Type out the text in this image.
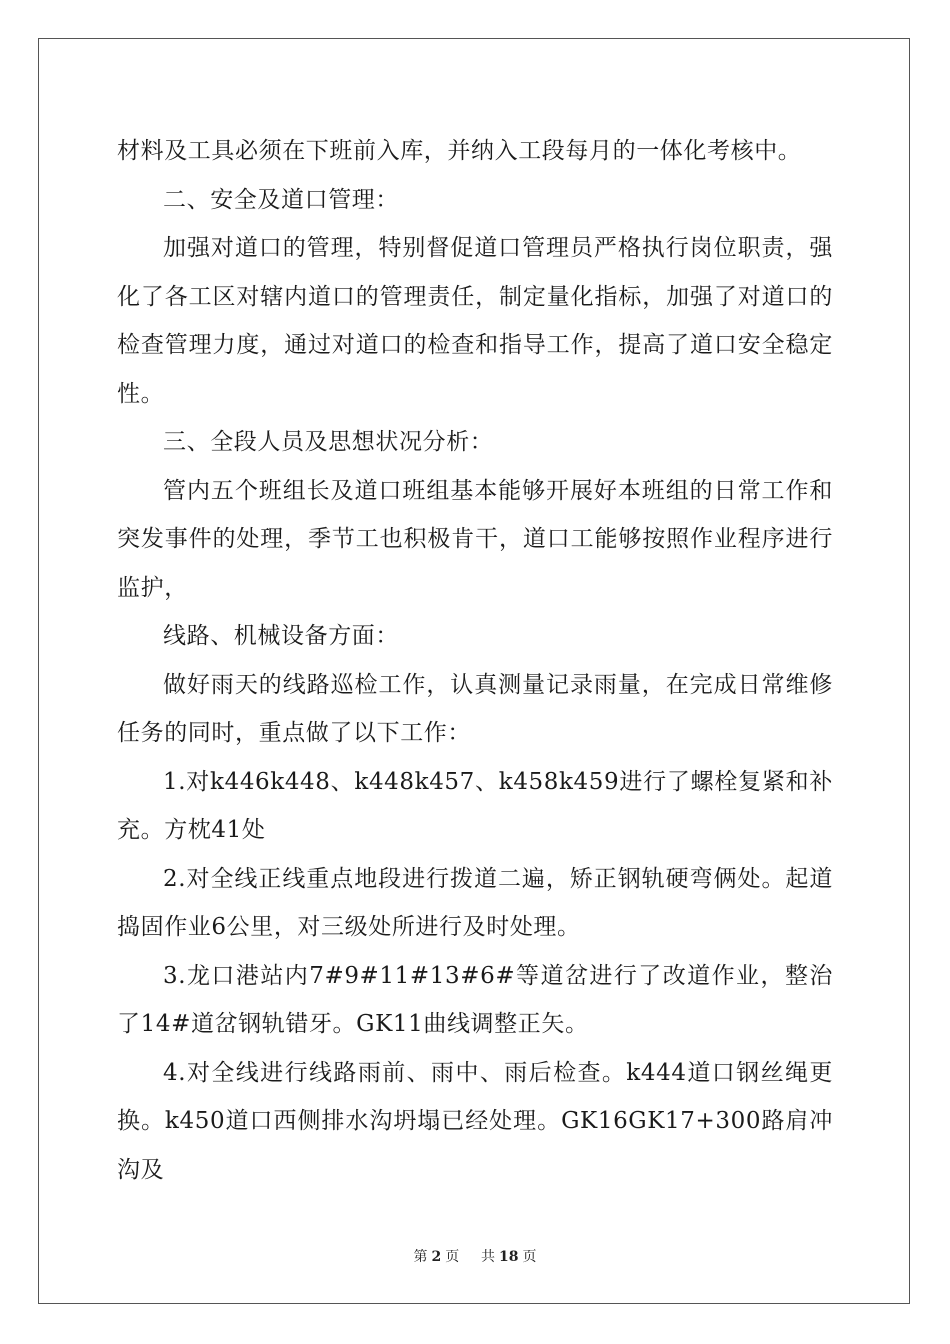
材料及工具必须在下班前入库，并纳入工段每月的一体化考核中。

二、安全及道口管理：

加强对道口的管理，特别督促道口管理员严格执行岗位职责，强化了各工区对辖内道口的管理责任，制定量化指标，加强了对道口的检查管理力度，通过对道口的检查和指导工作，提高了道口安全稳定性。

三、全段人员及思想状况分析：

管内五个班组长及道口班组基本能够开展好本班组的日常工作和突发事件的处理，季节工也积极肯干，道口工能够按照作业程序进行监护，

线路、机械设备方面：

做好雨天的线路巡检工作，认真测量记录雨量，在完成日常维修任务的同时，重点做了以下工作：

1.对k446k448、k448k457、k458k459进行了螺栓复紧和补充。方枕41处

2.对全线正线重点地段进行拨道二遍，矫正钢轨硬弯俩处。起道捣固作业6公里，对三级处所进行及时处理。

3.龙口港站内7#9#11#13#6#等道岔进行了改道作业，整治了14#道岔钢轨错牙。GK11曲线调整正矢。

4.对全线进行线路雨前、雨中、雨后检查。k444道口钢丝绳更换。k450道口西侧排水沟坍塌已经处理。GK16GK17+300路肩冲沟及

第 2 页 共 18 页
